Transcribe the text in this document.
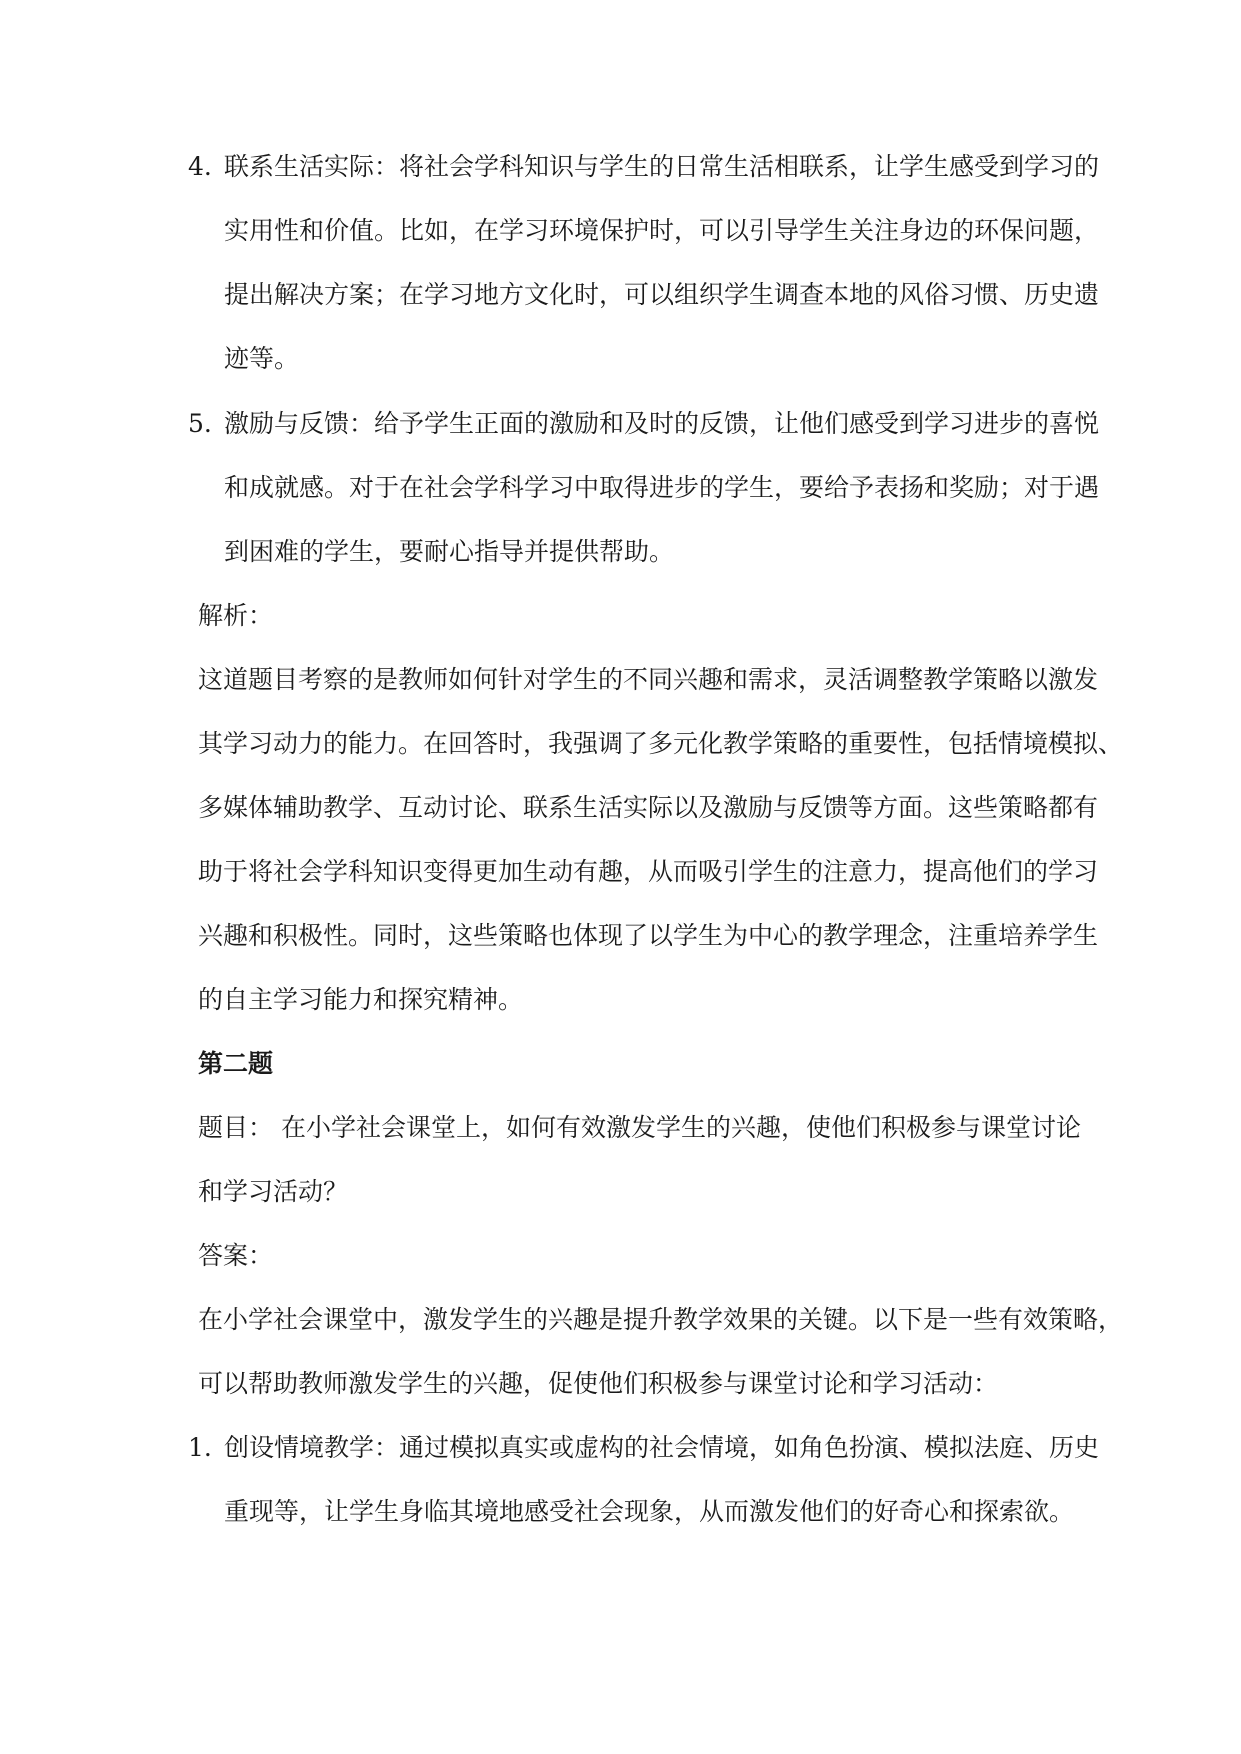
4. 联系生活实际：将社会学科知识与学生的日常生活相联系，让学生感受到学习的
实用性和价值。比如，在学习环境保护时，可以引导学生关注身边的环保问题，
提出解决方案；在学习地方文化时，可以组织学生调查本地的风俗习惯、历史遗
迹等。
5. 激励与反馈：给予学生正面的激励和及时的反馈，让他们感受到学习进步的喜悦
和成就感。对于在社会学科学习中取得进步的学生，要给予表扬和奖励；对于遇
到困难的学生，要耐心指导并提供帮助。
解析：
这道题目考察的是教师如何针对学生的不同兴趣和需求，灵活调整教学策略以激发
其学习动力的能力。在回答时，我强调了多元化教学策略的重要性，包括情境模拟、
多媒体辅助教学、互动讨论、联系生活实际以及激励与反馈等方面。这些策略都有
助于将社会学科知识变得更加生动有趣，从而吸引学生的注意力，提高他们的学习
兴趣和积极性。同时，这些策略也体现了以学生为中心的教学理念，注重培养学生
的自主学习能力和探究精神。
第二题
题目： 在小学社会课堂上，如何有效激发学生的兴趣，使他们积极参与课堂讨论
和学习活动？
答案：
在小学社会课堂中，激发学生的兴趣是提升教学效果的关键。以下是一些有效策略，
可以帮助教师激发学生的兴趣，促使他们积极参与课堂讨论和学习活动：
1. 创设情境教学：通过模拟真实或虚构的社会情境，如角色扮演、模拟法庭、历史
重现等，让学生身临其境地感受社会现象，从而激发他们的好奇心和探索欲。
